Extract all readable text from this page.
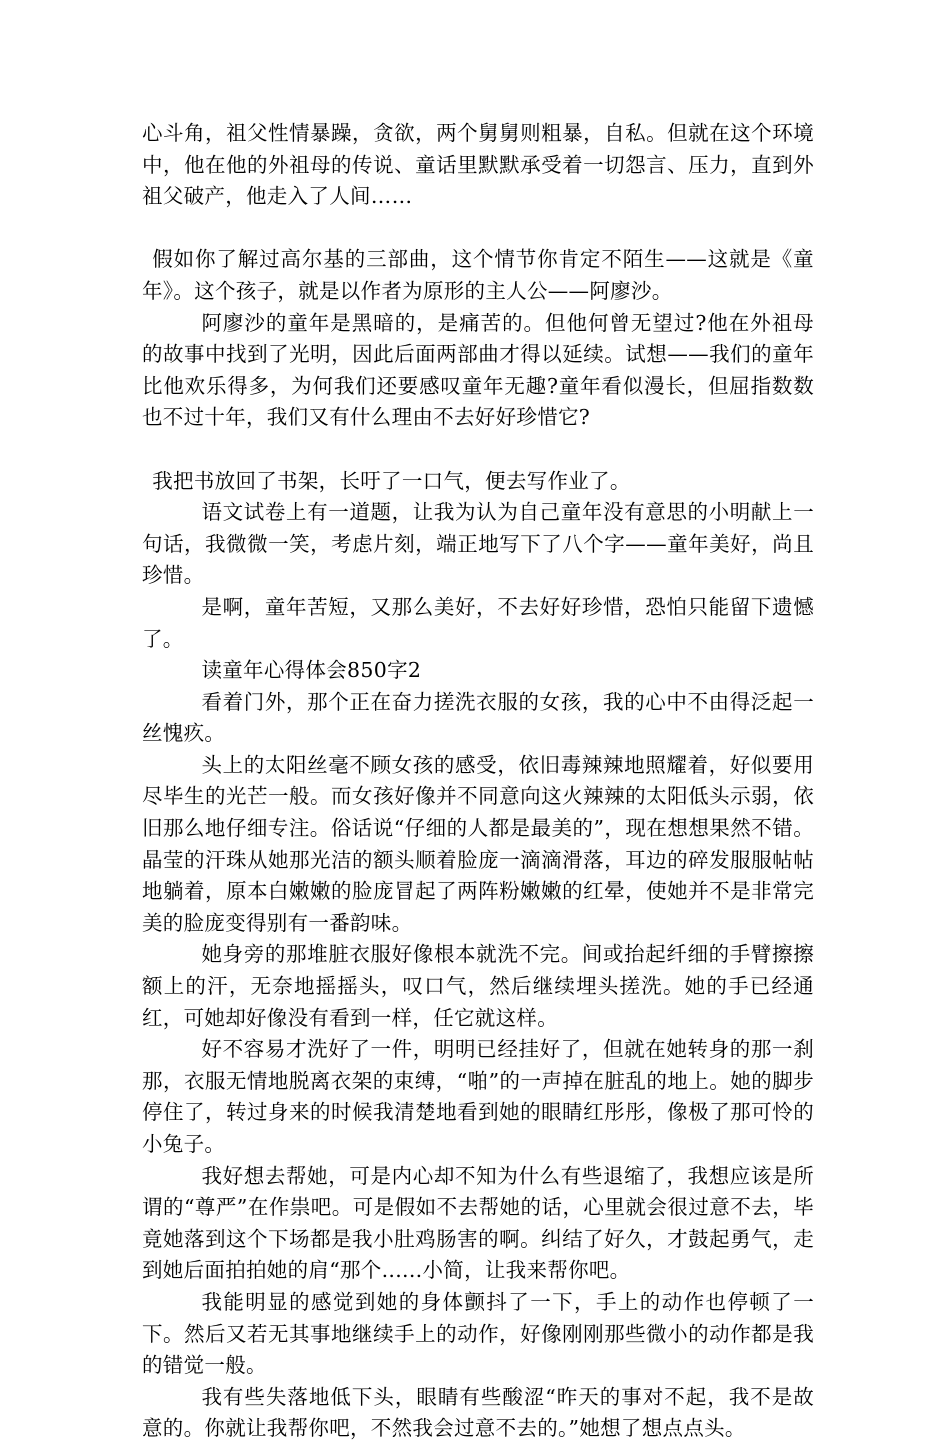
心斗角，祖父性情暴躁，贪欲，两个舅舅则粗暴，自私。但就在这个环境中，他在他的外祖母的传说、童话里默默承受着一切怨言、压力，直到外祖父破产，他走入了人间……

假如你了解过高尔基的三部曲，这个情节你肯定不陌生——这就是《童年》。这个孩子，就是以作者为原形的主人公——阿廖沙。

阿廖沙的童年是黑暗的，是痛苦的。但他何曾无望过?他在外祖母的故事中找到了光明，因此后面两部曲才得以延续。试想——我们的童年比他欢乐得多，为何我们还要感叹童年无趣?童年看似漫长，但屈指数数也不过十年，我们又有什么理由不去好好珍惜它?

我把书放回了书架，长吁了一口气，便去写作业了。

语文试卷上有一道题，让我为认为自己童年没有意思的小明献上一句话，我微微一笑，考虑片刻，端正地写下了八个字——童年美好，尚且珍惜。

是啊，童年苦短，又那么美好，不去好好珍惜，恐怕只能留下遗憾了。

读童年心得体会850字2

看着门外，那个正在奋力搓洗衣服的女孩，我的心中不由得泛起一丝愧疚。

头上的太阳丝毫不顾女孩的感受，依旧毒辣辣地照耀着，好似要用尽毕生的光芒一般。而女孩好像并不同意向这火辣辣的太阳低头示弱，依旧那么地仔细专注。俗话说“仔细的人都是最美的”，现在想想果然不错。晶莹的汗珠从她那光洁的额头顺着脸庞一滴滴滑落，耳边的碎发服服帖帖地躺着，原本白嫩嫩的脸庞冒起了两阵粉嫩嫩的红晕，使她并不是非常完美的脸庞变得别有一番韵味。

她身旁的那堆脏衣服好像根本就洗不完。间或抬起纤细的手臂擦擦额上的汗，无奈地摇摇头，叹口气，然后继续埋头搓洗。她的手已经通红，可她却好像没有看到一样，任它就这样。

好不容易才洗好了一件，明明已经挂好了，但就在她转身的那一刹那，衣服无情地脱离衣架的束缚，“啪”的一声掉在脏乱的地上。她的脚步停住了，转过身来的时候我清楚地看到她的眼睛红彤彤，像极了那可怜的小兔子。

我好想去帮她，可是内心却不知为什么有些退缩了，我想应该是所谓的“尊严”在作祟吧。可是假如不去帮她的话，心里就会很过意不去，毕竟她落到这个下场都是我小肚鸡肠害的啊。纠结了好久，才鼓起勇气，走到她后面拍拍她的肩“那个......小简，让我来帮你吧。

我能明显的感觉到她的身体颤抖了一下，手上的动作也停顿了一下。然后又若无其事地继续手上的动作，好像刚刚那些微小的动作都是我的错觉一般。

我有些失落地低下头，眼睛有些酸涩“昨天的事对不起，我不是故意的。你就让我帮你吧，不然我会过意不去的。”她想了想点点头。
